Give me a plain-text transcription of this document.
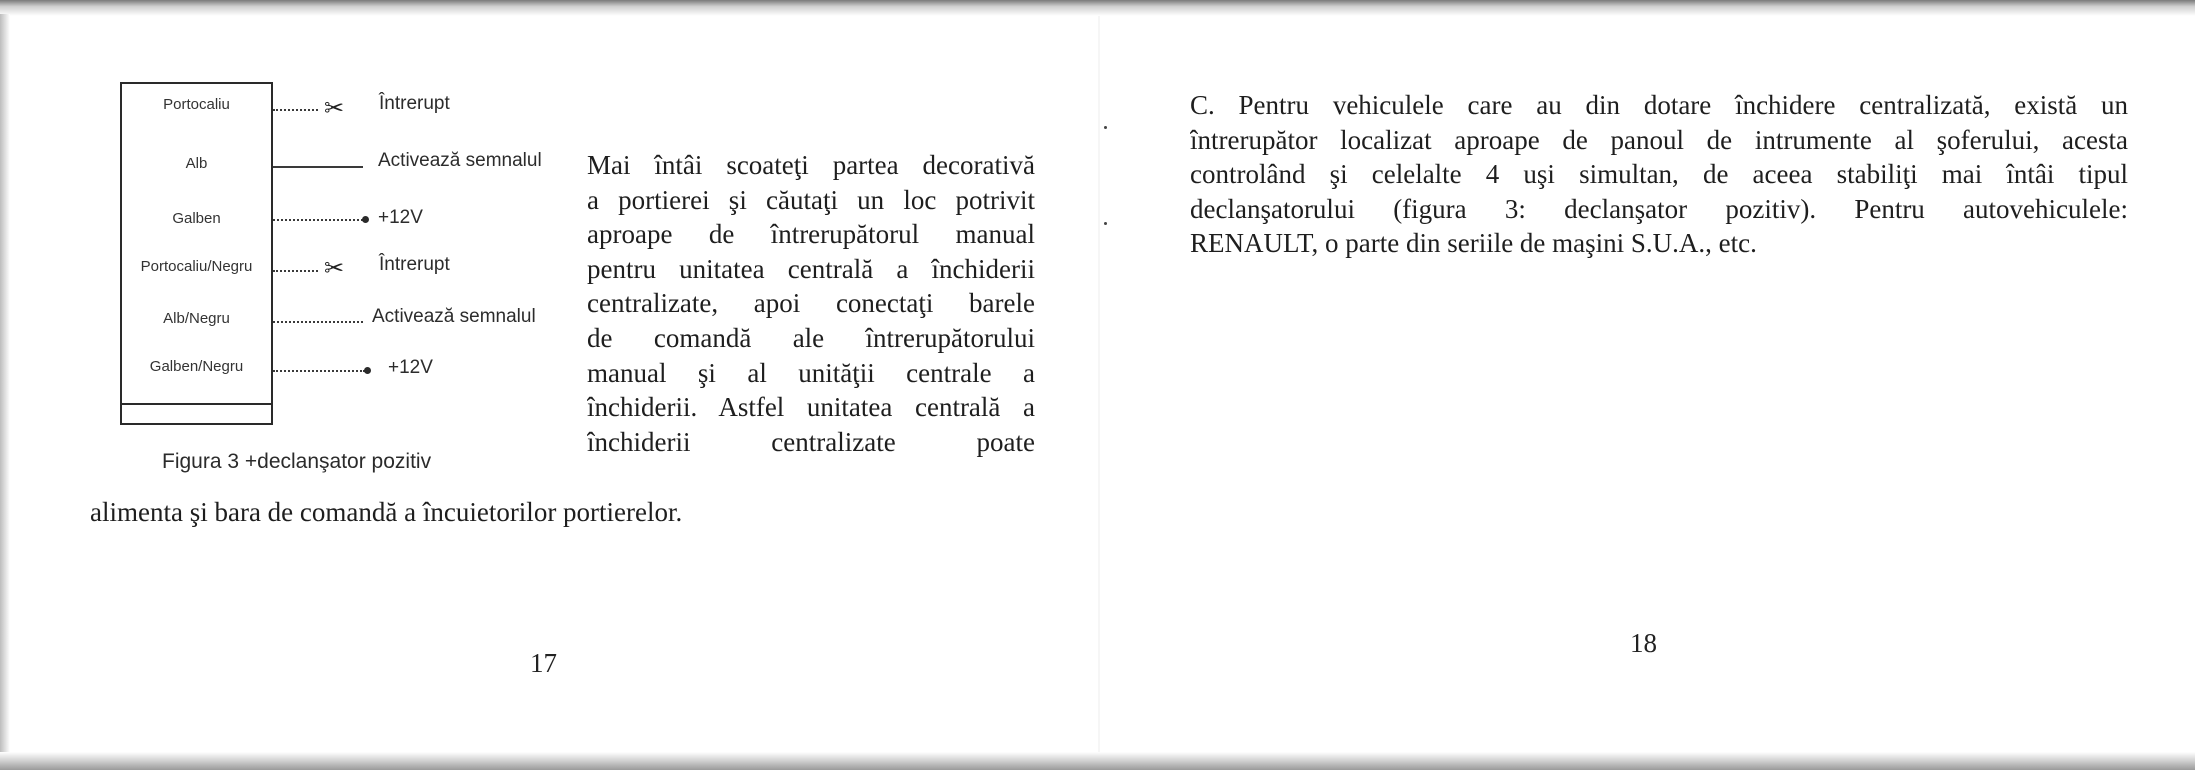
Portocaliu	✂ Întrerupt
Alb	Activează semnalul
Galben	+12V
Portocaliu/Negru	✂ Întrerupt
Alb/Negru	Activează semnalul
Galben/Negru	+12V
Figura 3 +declanşator pozitiv
Mai întâi scoateţi partea decorativă
a portierei şi căutaţi un loc potrivit
aproape de întrerupătorul manual
pentru unitatea centrală a închiderii
centralizate, apoi conectaţi barele
de comandă ale întrerupătorului
manual şi al unităţii centrale a
închiderii. Astfel unitatea centrală a
închiderii centralizate poate
alimenta şi bara de comandă a încuietorilor portierelor.
17
C. Pentru vehiculele care au din dotare închidere centralizată, există un
întrerupător localizat aproape de panoul de intrumente al şoferului, acesta
controlând şi celelalte 4 uşi simultan, de aceea stabiliţi mai întâi tipul
declanşatorului (figura 3: declanşator pozitiv). Pentru autovehiculele:
RENAULT, o parte din seriile de maşini S.U.A., etc.
18
